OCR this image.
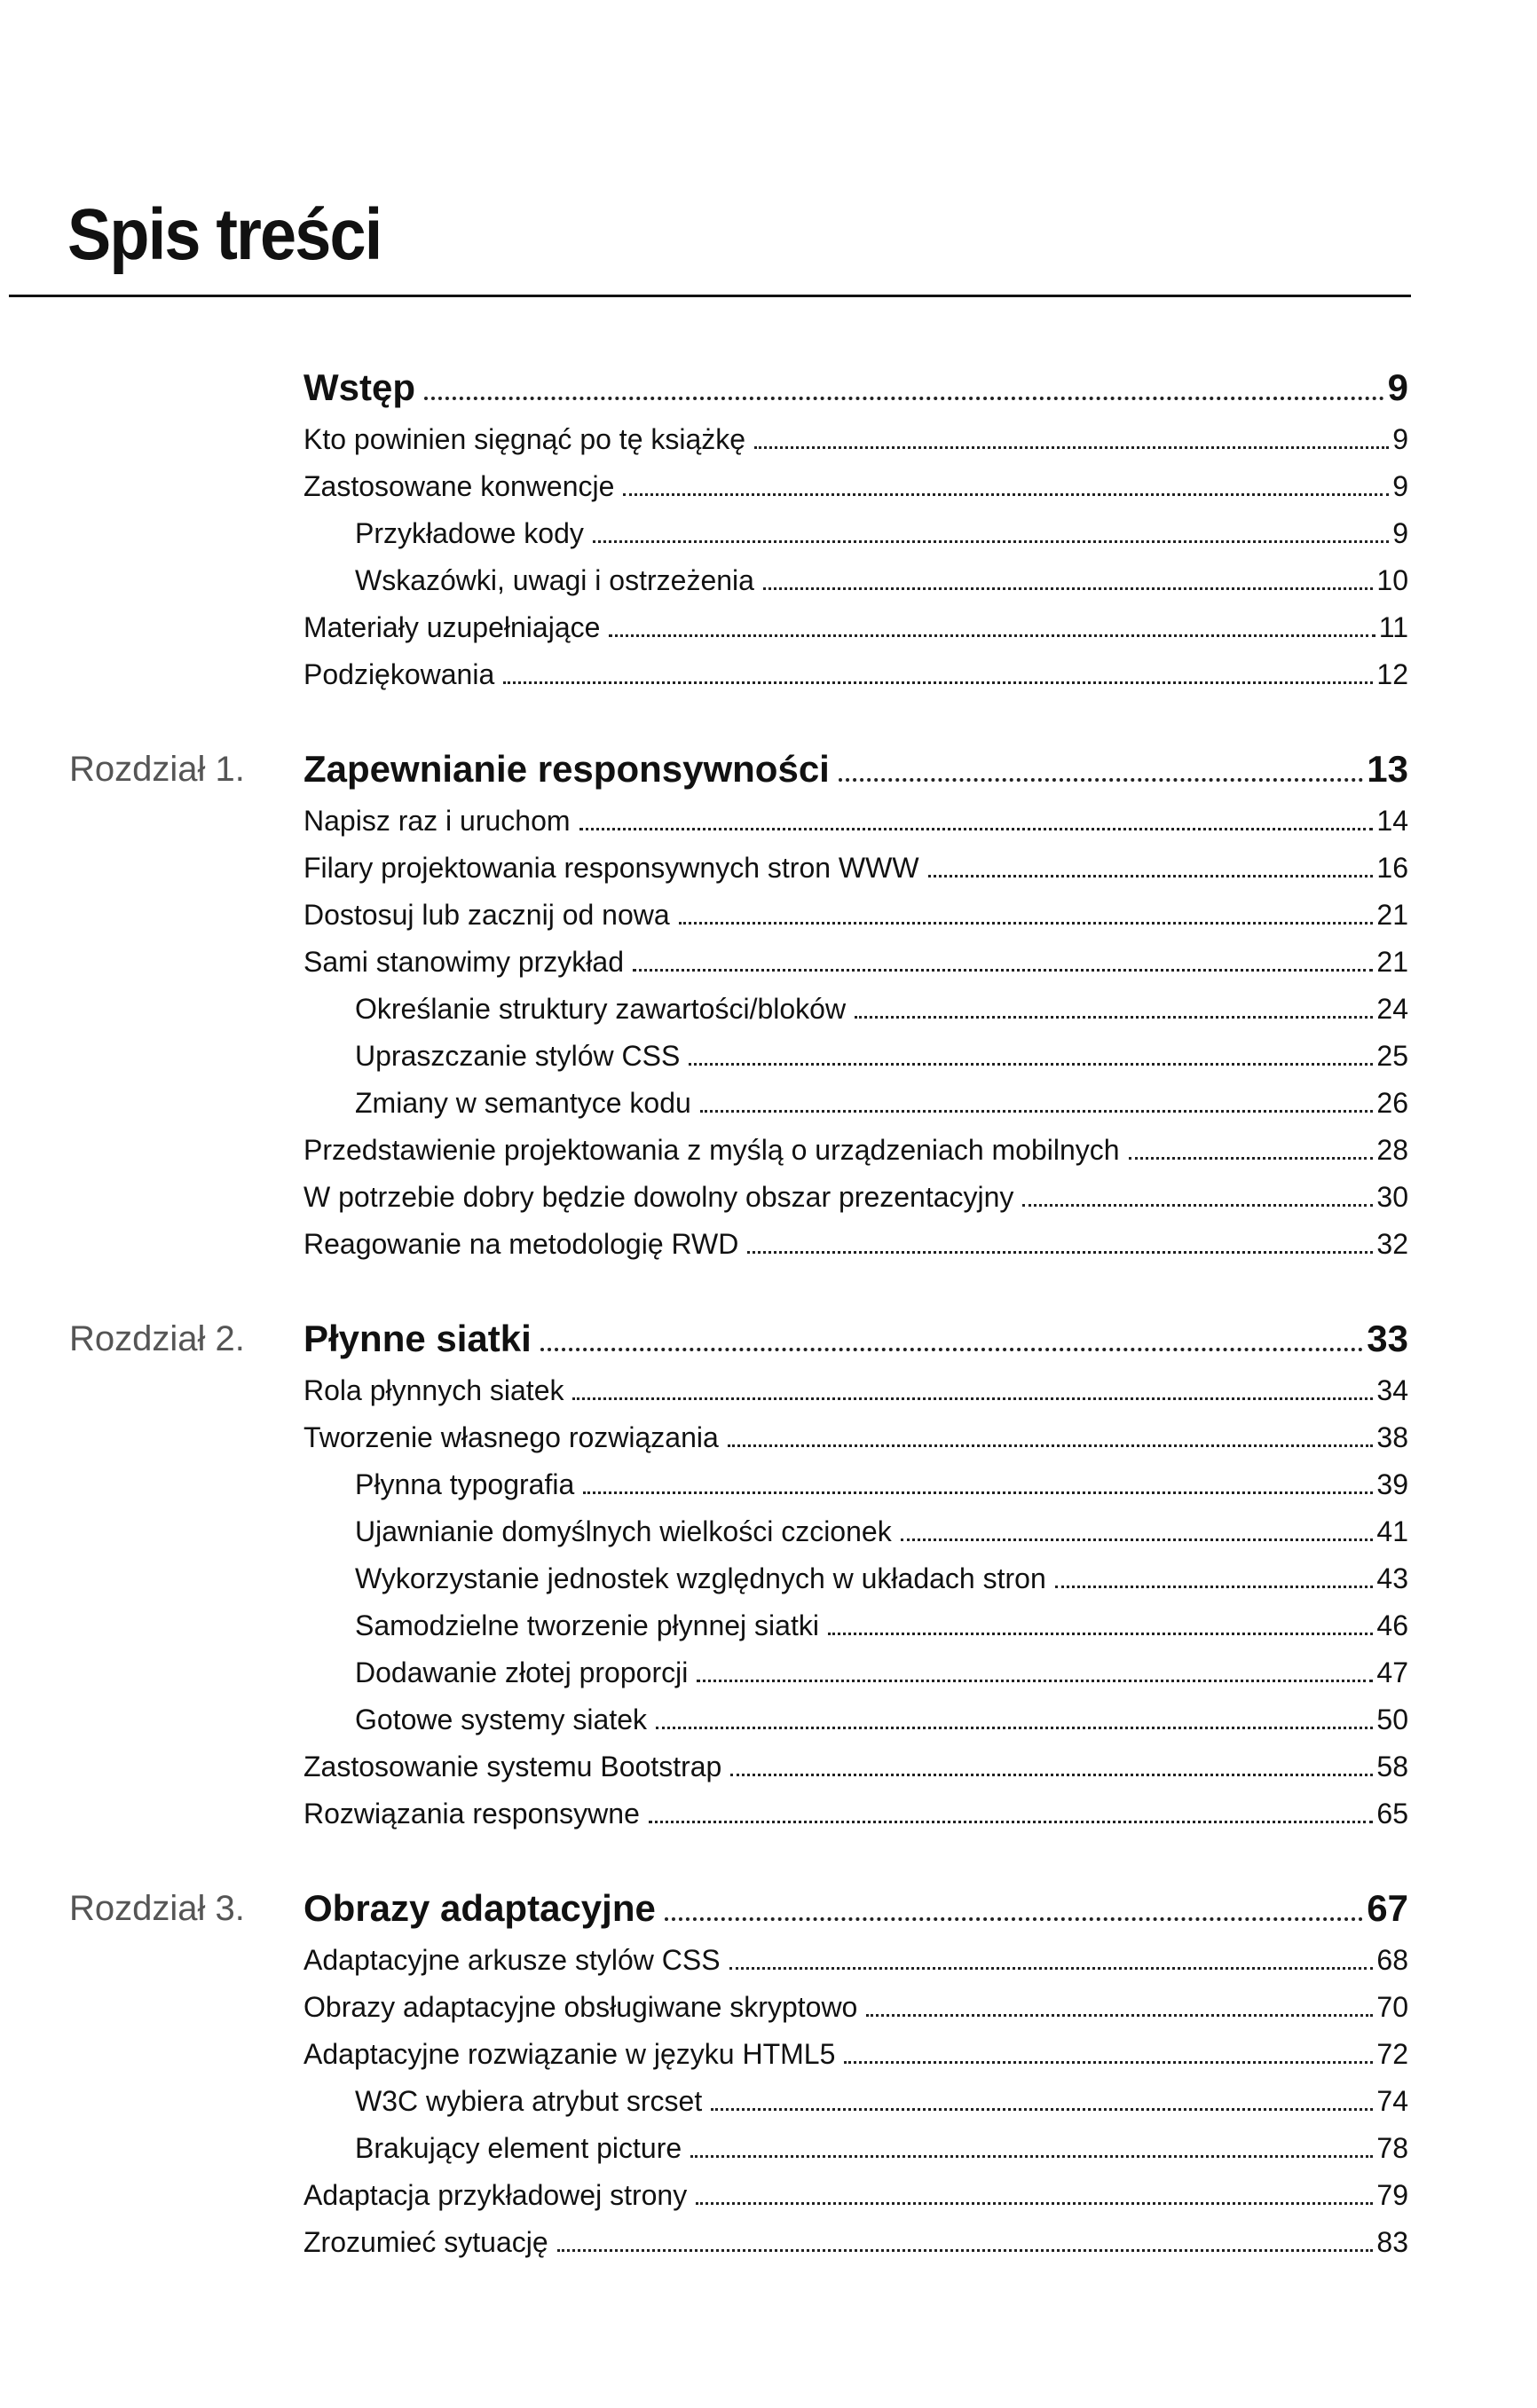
Spis treści
Wstęp	9
Kto powinien sięgnąć po tę książkę	9
Zastosowane konwencje	9
Przykładowe kody	9
Wskazówki, uwagi i ostrzeżenia	10
Materiały uzupełniające	11
Podziękowania	12
Rozdział 1. Zapewnianie responsywności	13
Napisz raz i uruchom	14
Filary projektowania responsywnych stron WWW	16
Dostosuj lub zacznij od nowa	21
Sami stanowimy przykład	21
Określanie struktury zawartości/bloków	24
Upraszczanie stylów CSS	25
Zmiany w semantyce kodu	26
Przedstawienie projektowania z myślą o urządzeniach mobilnych	28
W potrzebie dobry będzie dowolny obszar prezentacyjny	30
Reagowanie na metodologię RWD	32
Rozdział 2. Płynne siatki	33
Rola płynnych siatek	34
Tworzenie własnego rozwiązania	38
Płynna typografia	39
Ujawnianie domyślnych wielkości czcionek	41
Wykorzystanie jednostek względnych w układach stron	43
Samodzielne tworzenie płynnej siatki	46
Dodawanie złotej proporcji	47
Gotowe systemy siatek	50
Zastosowanie systemu Bootstrap	58
Rozwiązania responsywne	65
Rozdział 3. Obrazy adaptacyjne	67
Adaptacyjne arkusze stylów CSS	68
Obrazy adaptacyjne obsługiwane skryptowo	70
Adaptacyjne rozwiązanie w języku HTML5	72
W3C wybiera atrybut srcset	74
Brakujący element picture	78
Adaptacja przykładowej strony	79
Zrozumieć sytuację	83
